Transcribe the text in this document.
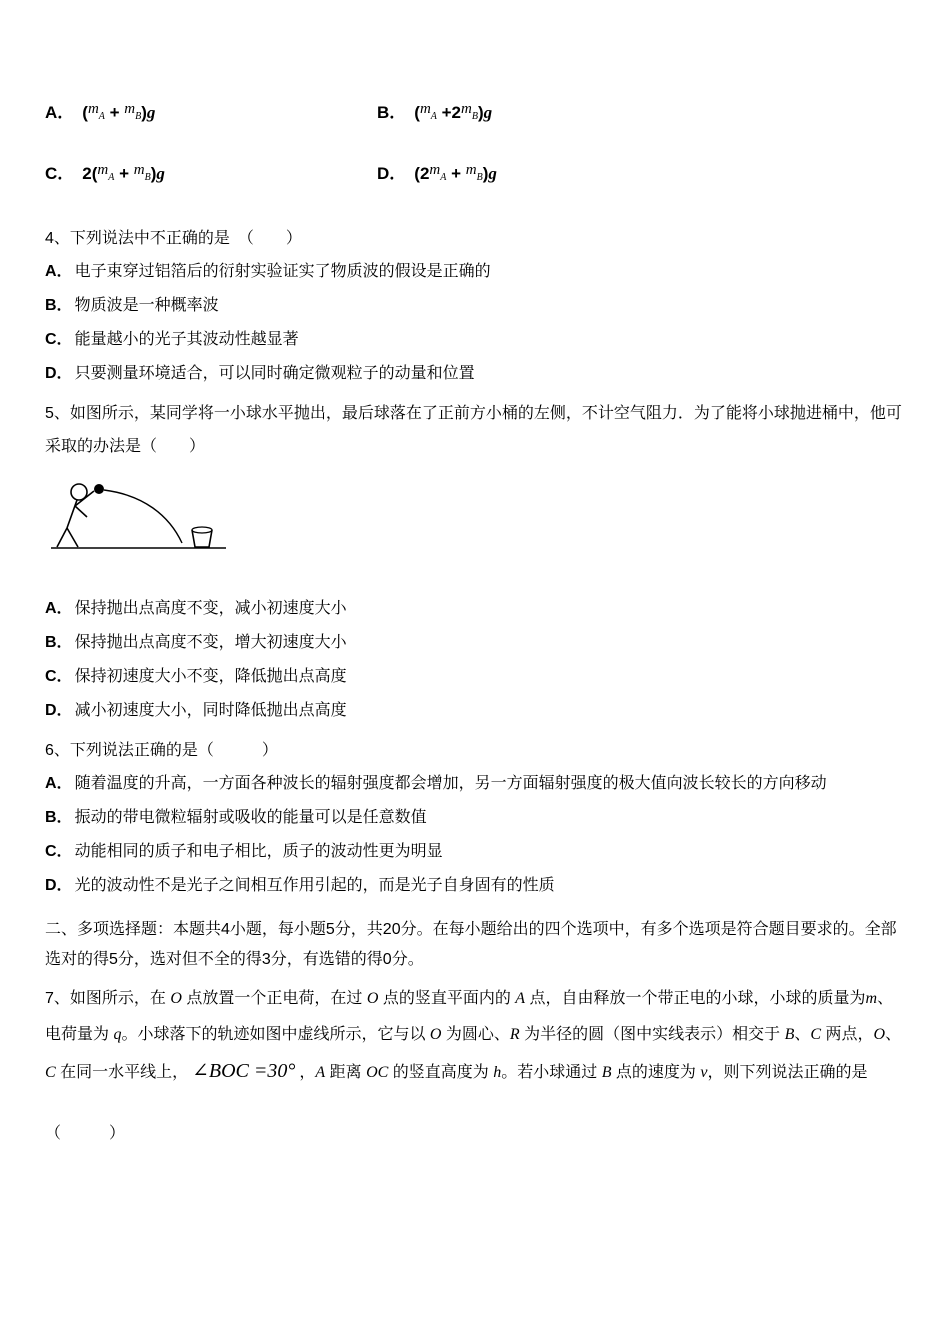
A． $(m_A + m_B)g$	B． $(m_A +2m_B)g$
C． $2(m_A + m_B)g$	D． $(2m_A + m_B)g$
4、下列说法中不正确的是　（　　）
A． 电子束穿过铝箔后的衍射实验证实了物质波的假设是正确的
B． 物质波是一种概率波
C． 能量越小的光子其波动性越显著
D． 只要测量环境适合，可以同时确定微观粒子的动量和位置
5、如图所示，某同学将一小球水平抛出，最后球落在了正前方小桶的左侧，不计空气阻力．为了能将小球抛进桶中，他可采取的办法是（　　）
A． 保持抛出点高度不变，减小初速度大小
B． 保持抛出点高度不变，增大初速度大小
C． 保持初速度大小不变，降低抛出点高度
D． 减小初速度大小，同时降低抛出点高度
6、下列说法正确的是（　　　）
A． 随着温度的升高，一方面各种波长的辐射强度都会增加，另一方面辐射强度的极大值向波长较长的方向移动
B． 振动的带电微粒辐射或吸收的能量可以是任意数值
C． 动能相同的质子和电子相比，质子的波动性更为明显
D． 光的波动性不是光子之间相互作用引起的，而是光子自身固有的性质
二、多项选择题：本题共4小题，每小题5分，共20分。在每小题给出的四个选项中，有多个选项是符合题目要求的。全部选对的得5分，选对但不全的得3分，有选错的得0分。
7、如图所示，在 O 点放置一个正电荷，在过 O 点的竖直平面内的 A 点，自由释放一个带正电的小球，小球的质量为m、电荷量为 q。小球落下的轨迹如图中虚线所示，它与以 O 为圆心、R 为半径的圆（图中实线表示）相交于 B、C 两点，O、C 在同一水平线上， ∠BOC =30° ，A 距离 OC 的竖直高度为 h。若小球通过 B 点的速度为 v，则下列说法正确的是
（　　　）
